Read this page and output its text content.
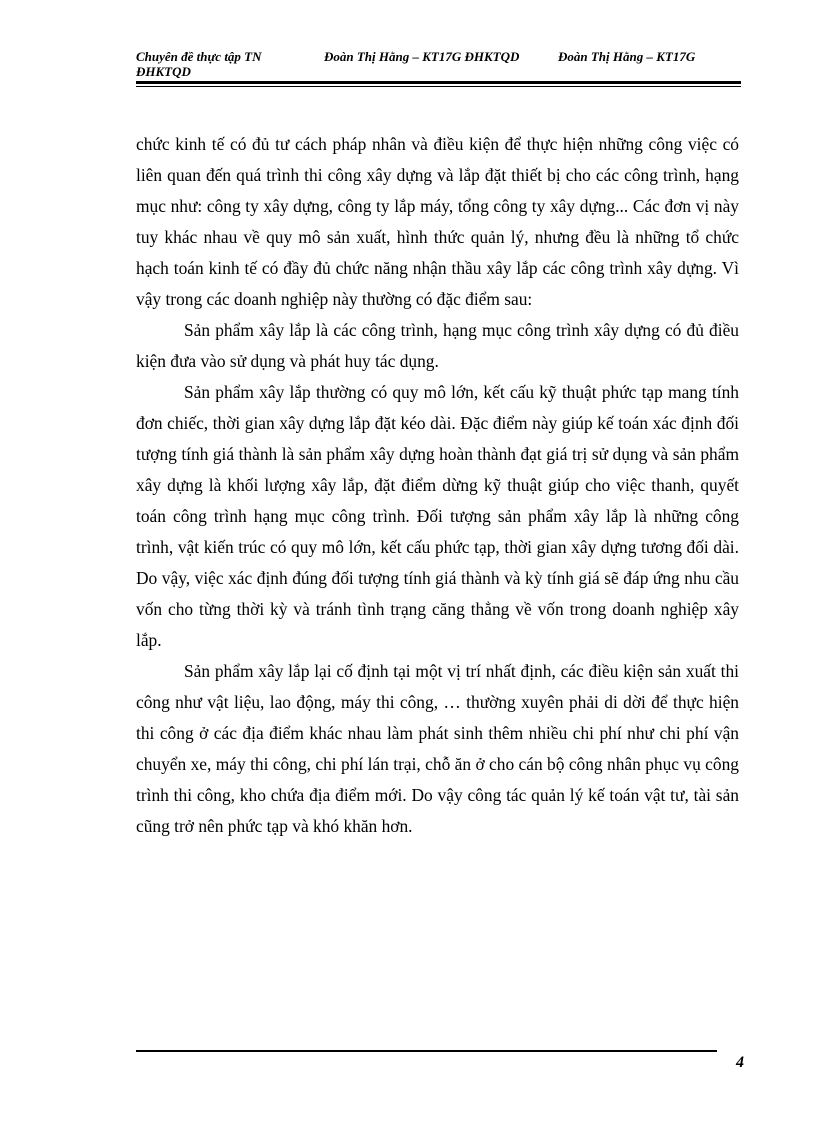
Chuyên đề thực tập TN
ĐHKTQD
Đoàn Thị Hằng – KT17G ĐHKTQD	Đoàn Thị Hằng – KT17G

chức kinh tế có đủ tư cách pháp nhân và điều kiện để thực hiện những công việc có liên quan đến quá trình thi công xây dựng và lắp đặt thiết bị cho các công trình, hạng mục như: công ty xây dựng, công ty lắp máy, tổng công ty xây dựng... Các đơn vị này tuy khác nhau về quy mô sản xuất, hình thức quản lý, nhưng đều là những tổ chức hạch toán kinh tế có đầy đủ chức năng nhận thầu xây lắp các công trình xây dựng. Vì vậy trong các doanh nghiệp này thường có đặc điểm sau:

Sản phẩm xây lắp là các công trình, hạng mục công trình xây dựng có đủ điều kiện đưa vào sử dụng và phát huy tác dụng.

Sản phẩm xây lắp thường có quy mô lớn, kết cấu kỹ thuật phức tạp mang tính đơn chiếc, thời gian xây dựng lắp đặt kéo dài. Đặc điểm này giúp kế toán xác định đối tượng tính giá thành là sản phẩm xây dựng hoàn thành đạt giá trị sử dụng và sản phẩm xây dựng là khối lượng xây lắp, đặt điểm dừng kỹ thuật giúp cho việc thanh, quyết toán công trình hạng mục công trình. Đối tượng sản phẩm xây lắp là những công trình, vật kiến trúc có quy mô lớn, kết cấu phức tạp, thời gian xây dựng tương đối dài. Do vậy, việc xác định đúng đối tượng tính giá thành và kỳ tính giá sẽ đáp ứng nhu cầu vốn cho từng thời kỳ và tránh tình trạng căng thẳng về vốn trong doanh nghiệp xây lắp.

Sản phẩm xây lắp lại cố định tại một vị trí nhất định, các điều kiện sản xuất thi công như vật liệu, lao động, máy thi công, … thường xuyên phải di dời để thực hiện thi công ở các địa điểm khác nhau làm phát sinh thêm nhiều chi phí như chi phí vận chuyển xe, máy thi công, chi phí lán trại, chỗ ăn ở cho cán bộ công nhân phục vụ công trình thi công, kho chứa địa điểm mới. Do vậy công tác quản lý kế toán vật tư, tài sản cũng trở nên phức tạp và khó khăn hơn.

4
